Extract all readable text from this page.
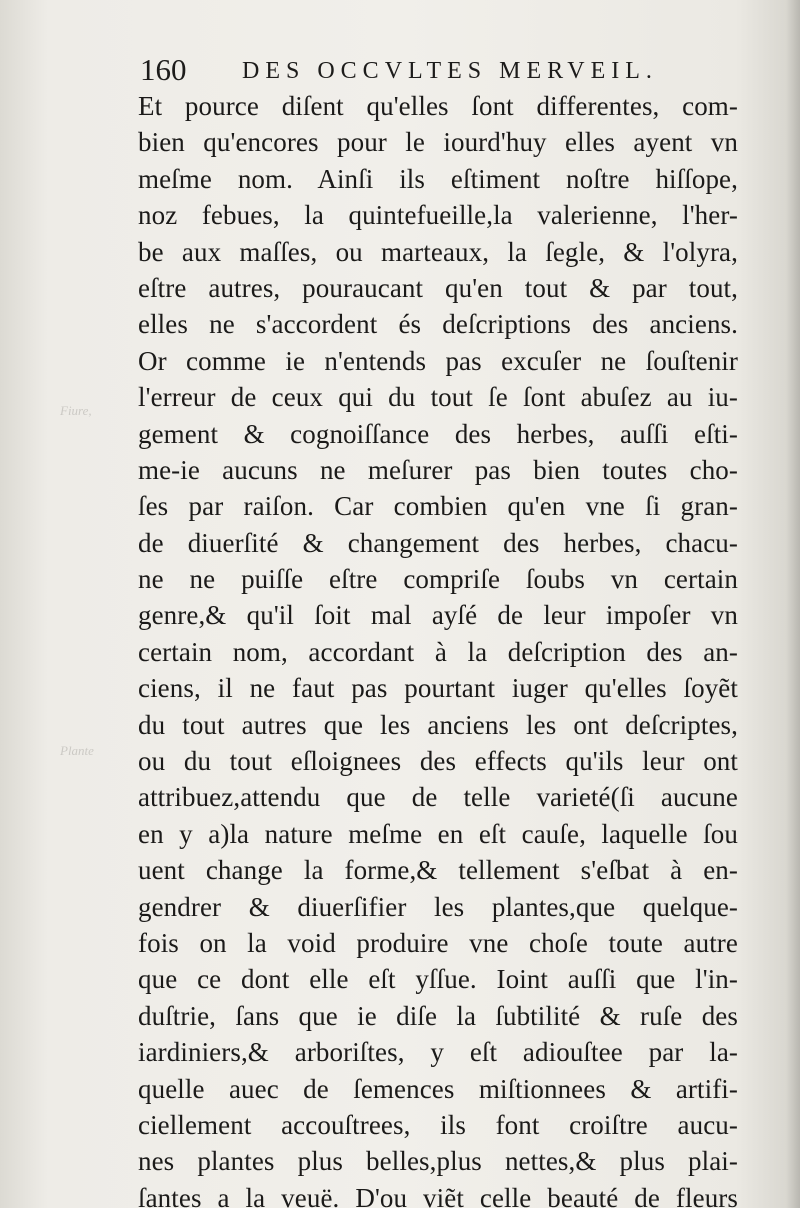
Fiure,
Plante
160 DES OCCVLTES MERVEIL.
Et pource diſent qu'elles ſont differentes, com-
bien qu'encores pour le iourd'huy elles ayent vn
meſme nom. Ainſi ils eſtiment noſtre hiſſope,
noz febues, la quintefueille,la valerienne, l'her-
be aux maſſes, ou marteaux, la ſegle, & l'olyra,
eſtre autres, pouraucant qu'en tout & par tout,
elles ne s'accordent és deſcriptions des anciens.
Or comme ie n'entends pas excuſer ne ſouſtenir
l'erreur de ceux qui du tout ſe ſont abuſez au iu-
gement & cognoiſſance des herbes, auſſi eſti-
me-ie aucuns ne meſurer pas bien toutes cho-
ſes par raiſon. Car combien qu'en vne ſi gran-
de diuerſité & changement des herbes, chacu-
ne ne puiſſe eſtre compriſe ſoubs vn certain
genre,& qu'il ſoit mal ayſé de leur impoſer vn
certain nom, accordant à la deſcription des an-
ciens, il ne faut pas pourtant iuger qu'elles ſoyẽt
du tout autres que les anciens les ont deſcriptes,
ou du tout eſloignees des effects qu'ils leur ont
attribuez,attendu que de telle varieté(ſi aucune
en y a)la nature meſme en eſt cauſe, laquelle ſou
uent change la forme,& tellement s'eſbat à en-
gendrer & diuerſifier les plantes,que quelque-
fois on la void produire vne choſe toute autre
que ce dont elle eſt yſſue. Ioint auſſi que l'in-
duſtrie, ſans que ie diſe la ſubtilité & ruſe des
iardiniers,& arboriſtes, y eſt adiouſtee par la-
quelle auec de ſemences miſtionnees & artifi-
ciellement accouſtrees, ils font croiſtre aucu-
nes plantes plus belles,plus nettes,& plus plai-
ſantes a la veuë. D'ou viẽt celle beauté de fleurs
